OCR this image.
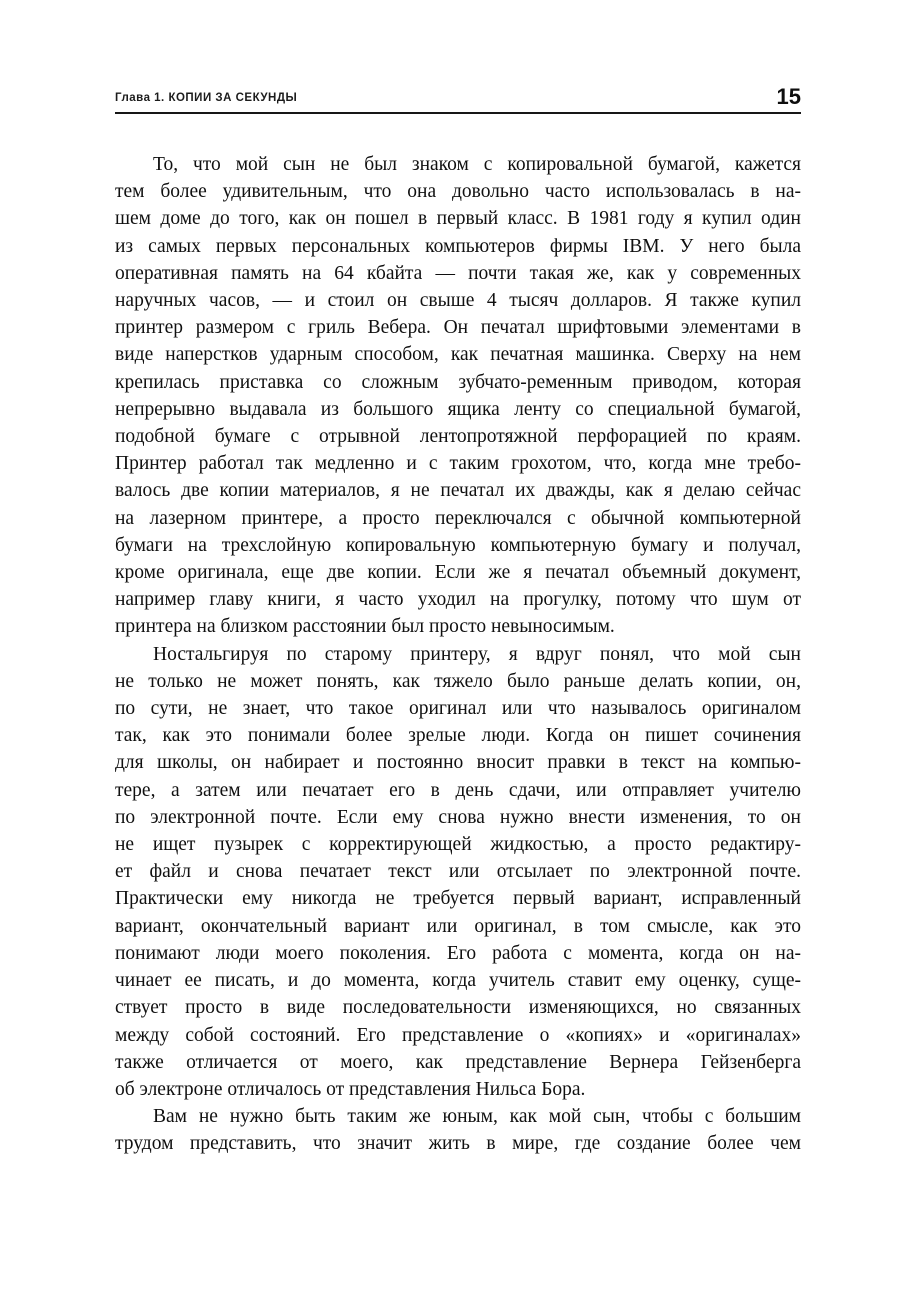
Глава 1. КОПИИ ЗА СЕКУНДЫ	15
То, что мой сын не был знаком с копировальной бумагой, кажется
тем более удивительным, что она довольно часто использовалась в на-
шем доме до того, как он пошел в первый класс. В 1981 году я купил один
из самых первых персональных компьютеров фирмы IBM. У него была
оперативная память на 64 кбайта — почти такая же, как у современных
наручных часов, — и стоил он свыше 4 тысяч долларов. Я также купил
принтер размером с гриль Вебера. Он печатал шрифтовыми элементами в
виде наперстков ударным способом, как печатная машинка. Сверху на нем
крепилась приставка со сложным зубчато-ременным приводом, которая
непрерывно выдавала из большого ящика ленту со специальной бумагой,
подобной бумаге с отрывной лентопротяжной перфорацией по краям.
Принтер работал так медленно и с таким грохотом, что, когда мне требо-
валось две копии материалов, я не печатал их дважды, как я делаю сейчас
на лазерном принтере, а просто переключался с обычной компьютерной
бумаги на трехслойную копировальную компьютерную бумагу и получал,
кроме оригинала, еще две копии. Если же я печатал объемный документ,
например главу книги, я часто уходил на прогулку, потому что шум от
принтера на близком расстоянии был просто невыносимым.
Ностальгируя по старому принтеру, я вдруг понял, что мой сын
не только не может понять, как тяжело было раньше делать копии, он,
по сути, не знает, что такое оригинал или что называлось оригиналом
так, как это понимали более зрелые люди. Когда он пишет сочинения
для школы, он набирает и постоянно вносит правки в текст на компью-
тере, а затем или печатает его в день сдачи, или отправляет учителю
по электронной почте. Если ему снова нужно внести изменения, то он
не ищет пузырек с корректирующей жидкостью, а просто редактиру-
ет файл и снова печатает текст или отсылает по электронной почте.
Практически ему никогда не требуется первый вариант, исправленный
вариант, окончательный вариант или оригинал, в том смысле, как это
понимают люди моего поколения. Его работа с момента, когда он на-
чинает ее писать, и до момента, когда учитель ставит ему оценку, суще-
ствует просто в виде последовательности изменяющихся, но связанных
между собой состояний. Его представление о «копиях» и «оригиналах»
также отличается от моего, как представление Вернера Гейзенберга
об электроне отличалось от представления Нильса Бора.
Вам не нужно быть таким же юным, как мой сын, чтобы с большим
трудом представить, что значит жить в мире, где создание более чем
